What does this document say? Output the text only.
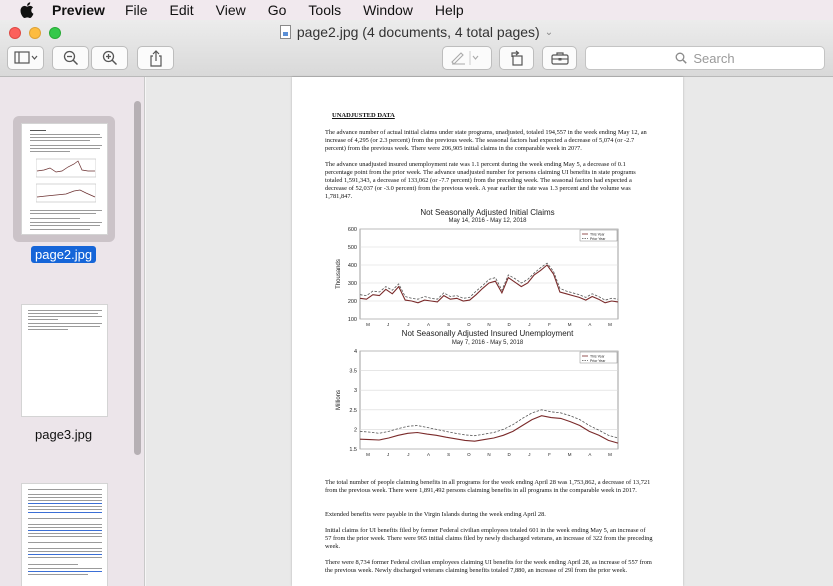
Preview File Edit View Go Tools Window Help
page2.jpg (4 documents, 4 total pages) ⌄
Search
page2.jpg
page3.jpg
UNADJUSTED DATA
The advance number of actual initial claims under state programs, unadjusted, totaled 194,557 in the week ending May 12, an increase of 4,295 (or 2.3 percent) from the previous week. The seasonal factors had expected a decrease of 5,074 (or -2.7 percent) from the previous week. There were 206,905 initial claims in the comparable week in 20?7.
The advance unadjusted insured unemployment rate was 1.1 percent during the week ending May 5, a decrease of 0.1 percentage point from the prior week. The advance unadjusted number for persons claiming UI benefits in state programs totaled 1,591,343, a decrease of 133,062 (or -7.7 percent) from the preceding week. The seasonal factors had expected a decrease of 52,037 (or -3.0 percent) from the previous week. A year earlier the rate was 1.3 percent and the volume was 1,781,847.
Not Seasonally Adjusted Initial Claims
May 14, 2016 - May 12, 2018
100
200
300
400
500
600
M	J	J	A	S	O	N	D	J	F	M	A	M
Thousands
This Year
Prior Year
Not Seasonally Adjusted Insured Unemployment
May 7, 2016 - May 5, 2018
1.5
2
2.5
3
3.5
4
M	J	J	A	S	O	N	D	J	F	M	A	M
Millions
This Year
Prior Year
The total number of people claiming benefits in all programs for the week ending April 28 was 1,753,862, a decrease of 13,721 from the previous week. There were 1,891,492 persons claiming benefits in all programs in the comparable week in 2017.
Extended benefits were payable in the Virgin Islands during the week ending April 28.
Initial claims for UI benefits filed by former Federal civilian employees totaled 601 in the week ending May 5, an increase of 57 from the prior week. There were 965 initial claims filed by newly discharged veterans, an increase of 322 from the preceding week.
There were 8,734 former Federal civilian employees claiming UI benefits for the week ending April 28, as increase of 557 from the previous week. Newly discharged veterans claiming benefits totaled 7,880, an increase of 29l from the prior week.
